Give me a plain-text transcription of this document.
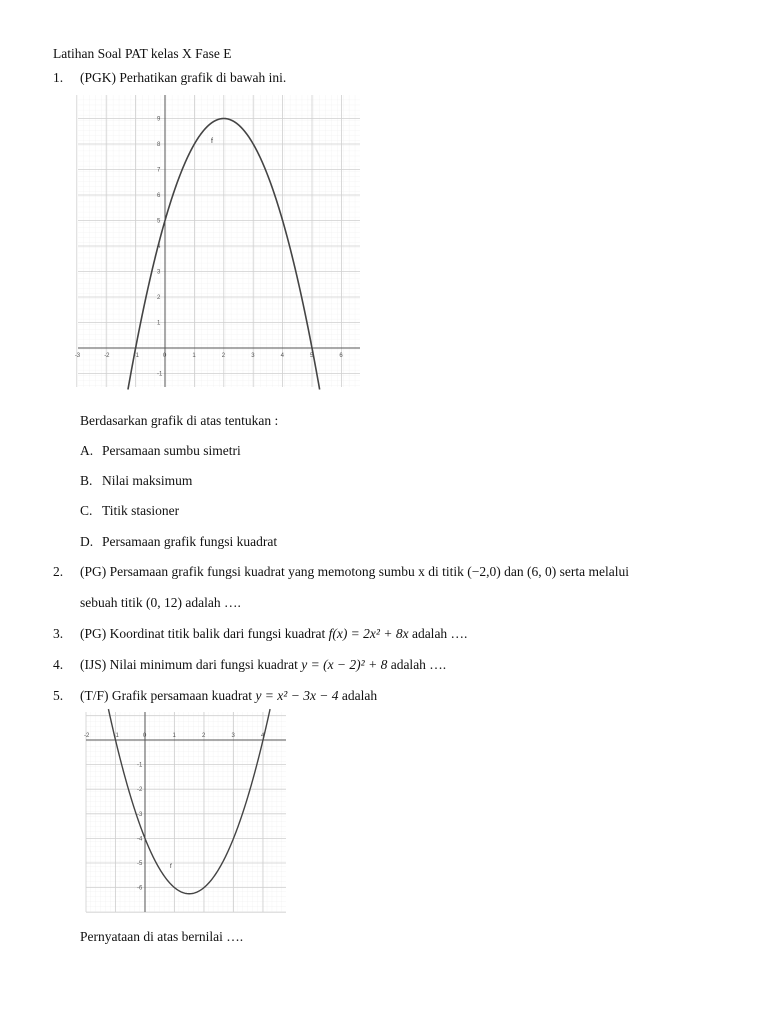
Latihan Soal PAT kelas X Fase E
1. (PGK) Perhatikan grafik di bawah ini.
-3	-2	-1	0	1	2	3	4	5	6
9
8
7
6
5
4
3
2
1
-1
f
Berdasarkan grafik di atas tentukan :
A. Persamaan sumbu simetri
B. Nilai maksimum
C. Titik stasioner
D. Persamaan grafik fungsi kuadrat
2. (PG) Persamaan grafik fungsi kuadrat yang memotong sumbu x di titik (−2,0) dan (6, 0) serta melalui
sebuah titik (0, 12) adalah ….
3. (PG) Koordinat titik balik dari fungsi kuadrat f(x) = 2x² + 8x adalah ….
4. (IJS) Nilai minimum dari fungsi kuadrat y = (x − 2)² + 8 adalah ….
5. (T/F) Grafik persamaan kuadrat y = x² − 3x − 4 adalah
-2	-1	0	1	2	3	4
-1
-2
-3
-4
-5
-6
f
Pernyataan di atas bernilai ….
